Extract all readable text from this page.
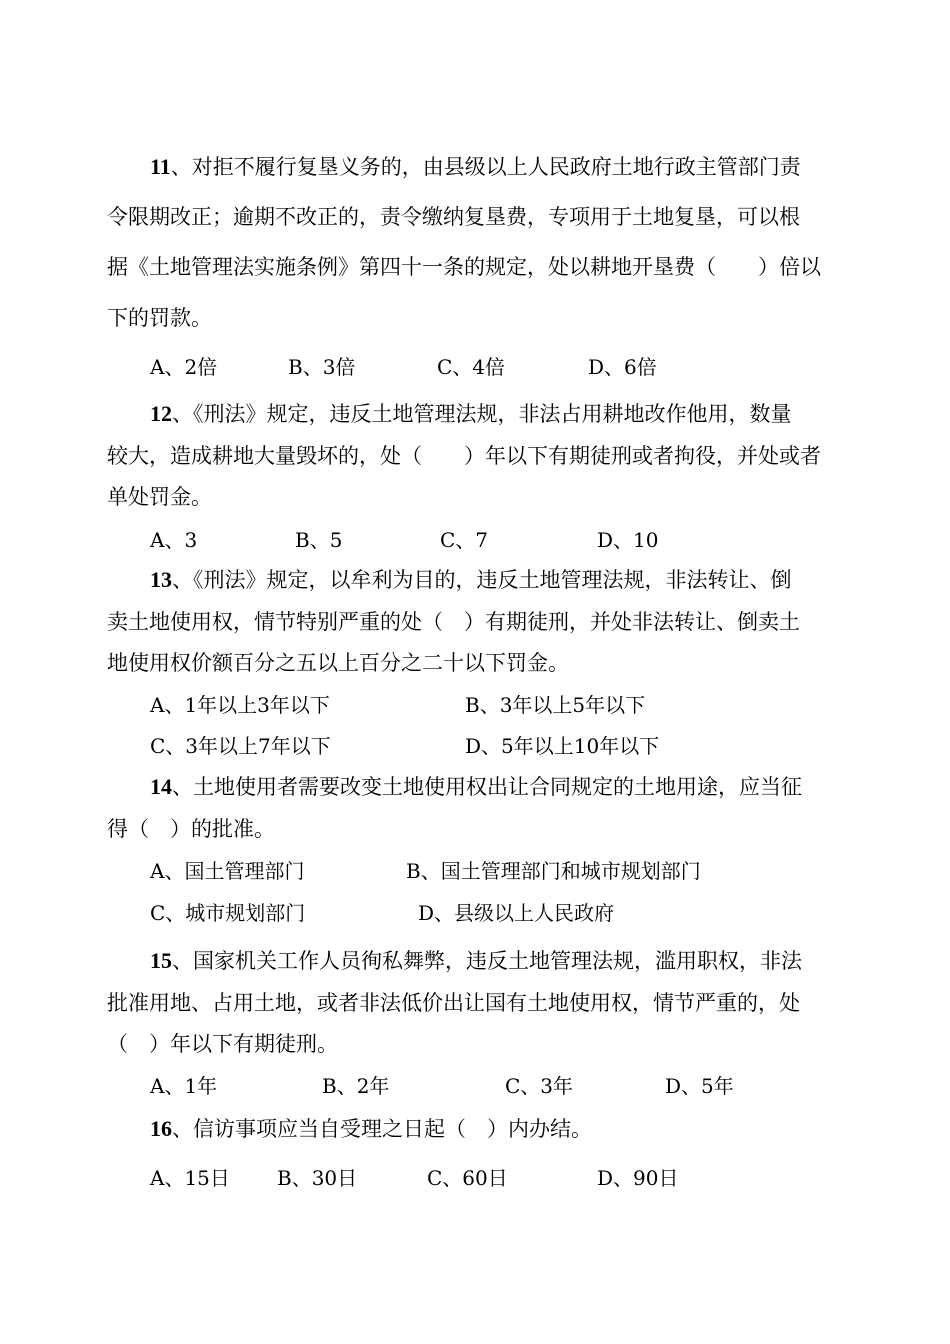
11、对拒不履行复垦义务的，由县级以上人民政府土地行政主管部门责
令限期改正；逾期不改正的，责令缴纳复垦费，专项用于土地复垦，可以根
据《土地管理法实施条例》第四十一条的规定，处以耕地开垦费（　　）倍以
下的罚款。
A、2倍	B、3倍	C、4倍	D、6倍
12、《刑法》规定，违反土地管理法规，非法占用耕地改作他用，数量
较大，造成耕地大量毁坏的，处（　　）年以下有期徒刑或者拘役，并处或者
单处罚金。
A、3	B、5	C、7	D、10
13、《刑法》规定，以牟利为目的，违反土地管理法规，非法转让、倒
卖土地使用权，情节特别严重的处（　）有期徒刑，并处非法转让、倒卖土
地使用权价额百分之五以上百分之二十以下罚金。
A、1年以上3年以下	B、3年以上5年以下
C、3年以上7年以下	D、5年以上10年以下
14、土地使用者需要改变土地使用权出让合同规定的土地用途，应当征
得（　）的批准。
A、国土管理部门	B、国土管理部门和城市规划部门
C、城市规划部门	D、县级以上人民政府
15、国家机关工作人员徇私舞弊，违反土地管理法规，滥用职权，非法
批准用地、占用土地，或者非法低价出让国有土地使用权，情节严重的，处
（　）年以下有期徒刑。
A、1年	B、2年	C、3年	D、5年
16、信访事项应当自受理之日起（　）内办结。
A、15日 B、30日	C、60日	D、90日
